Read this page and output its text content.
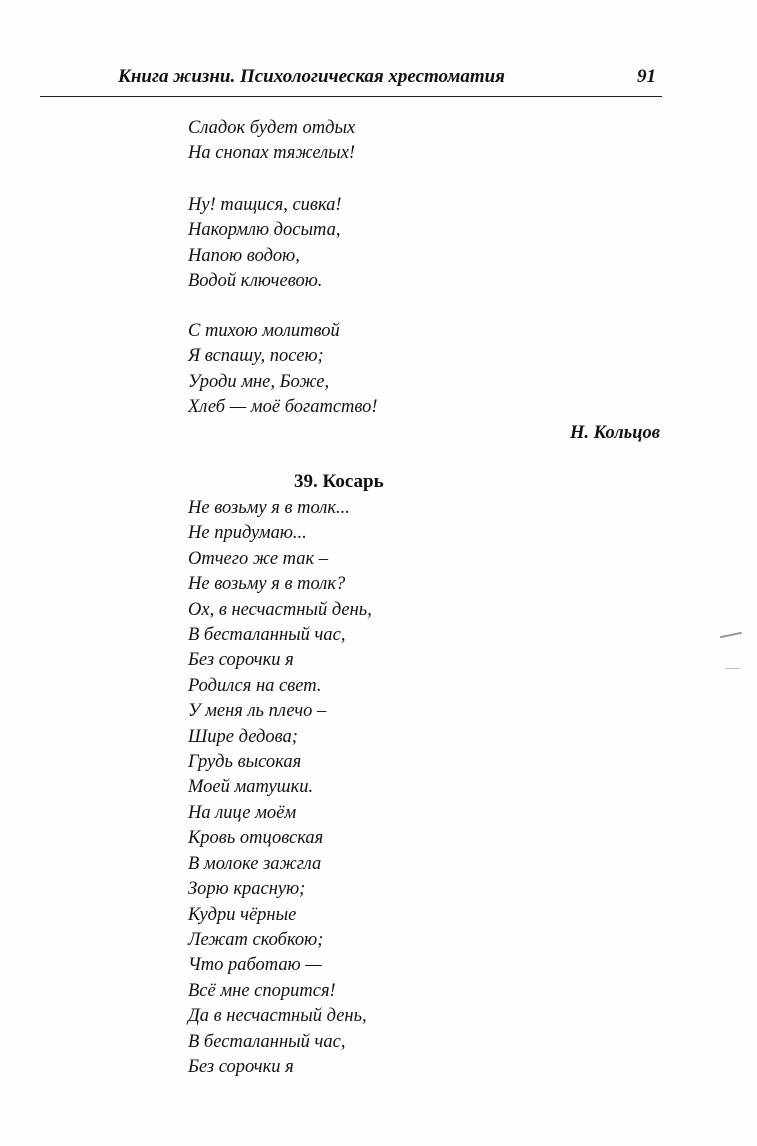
Книга жизни. Психологическая хрестоматия	91
Сладок будет отдых
На снопах тяжелых!
Ну! тащися, сивка!
Накормлю досыта,
Напою водою,
Водой ключевою.
С тихою молитвой
Я вспашу, посею;
Уроди мне, Боже,
Хлеб — моё богатство!
Н. Кольцов
39. Косарь
Не возьму я в толк...
Не придумаю...
Отчего же так –
Не возьму я в толк?
Ох, в несчастный день,
В бесталанный час,
Без сорочки я
Родился на свет.
У меня ль плечо –
Шире дедова;
Грудь высокая
Моей матушки.
На лице моём
Кровь отцовская
В молоке зажгла
Зорю красную;
Кудри чёрные
Лежат скобкою;
Что работаю —
Всё мне спорится!
Да в несчастный день,
В бесталанный час,
Без сорочки я
